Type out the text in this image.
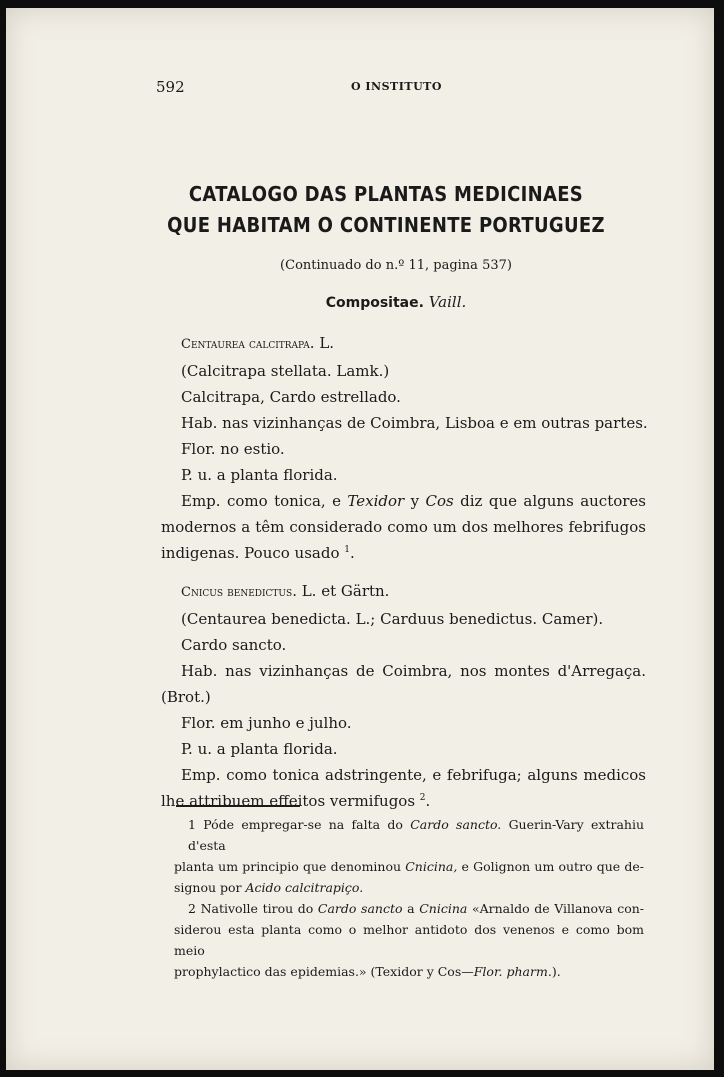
592	O INSTITUTO
CATALOGO DAS PLANTAS MEDICINAES
QUE HABITAM O CONTINENTE PORTUGUEZ
(Continuado do n.º 11, pagina 537)
Compositae. Vaill.
Centaurea calcitrapa. L.
(Calcitrapa stellata. Lamk.)
Calcitrapa, Cardo estrellado.
Hab. nas vizinhanças de Coimbra, Lisboa e em outras partes.
Flor. no estio.
P. u. a planta florida.
Emp. como tonica, e Texidor y Cos diz que alguns auctores
modernos a têm considerado como um dos melhores febrifugos
indigenas. Pouco usado $^1$.
Cnicus benedictus. L. et Gärtn.
(Centaurea benedicta. L.; Carduus benedictus. Camer).
Cardo sancto.
Hab. nas vizinhanças de Coimbra, nos montes d'Arregaça.
(Brot.)
Flor. em junho e julho.
P. u. a planta florida.
Emp. como tonica adstringente, e febrifuga; alguns medicos
lhe attribuem effeitos vermifugos $^2$.
1 Póde empregar-se na falta do Cardo sancto. Guerin-Vary extrahiu d'esta
planta um principio que denominou Cnicina, e Golignon um outro que de-
signou por Acido calcitrapiço.
2 Nativolle tirou do Cardo sancto a Cnicina «Arnaldo de Villanova con-
siderou esta planta como o melhor antidoto dos venenos e como bom meio
prophylactico das epidemias.» (Texidor y Cos—Flor. pharm.).
